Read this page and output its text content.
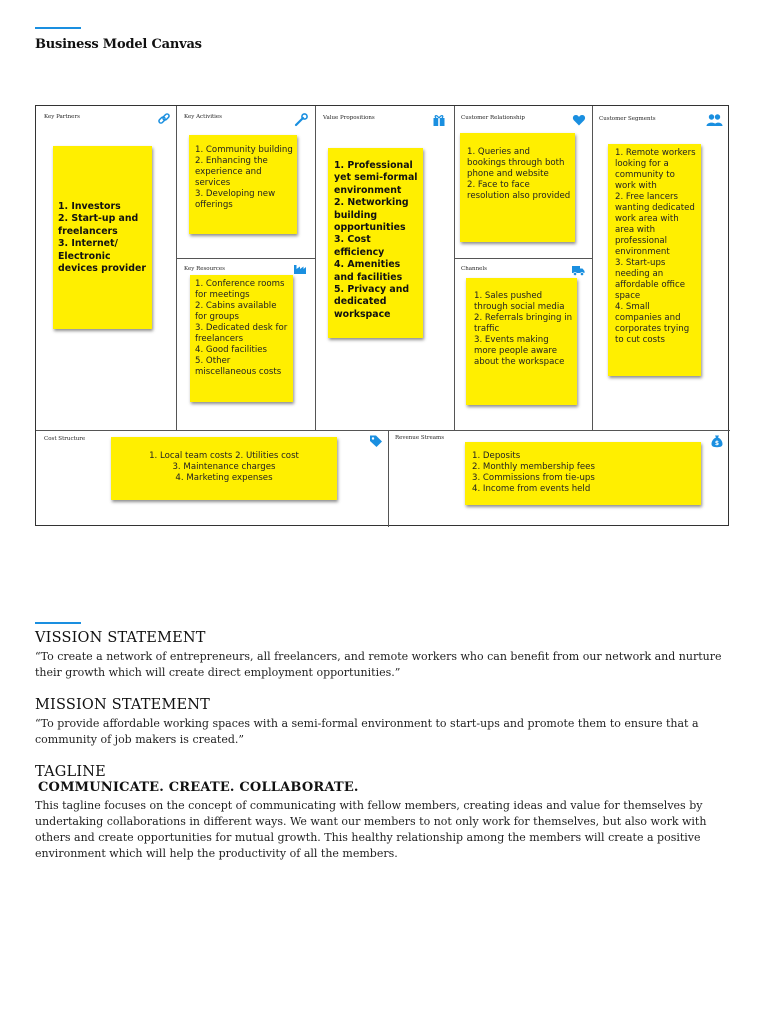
Business Model Canvas
Key Partners
1. Investors
2. Start-up and freelancers
3. Internet/ Electronic devices provider
Key Activities
1. Community building
2. Enhancing the experience and services
3. Developing new offerings
Key Resources
1. Conference rooms for meetings
2. Cabins available for groups
3. Dedicated desk for freelancers
4. Good facilities
5. Other miscellaneous costs
Value Propositions
1. Professional yet semi-formal environment
2. Networking building opportunities
3. Cost efficiency
4. Amenities and facilities
5. Privacy and dedicated workspace
Customer Relationship
1. Queries and bookings through both phone and website
2. Face to face resolution also provided
Channels
1. Sales pushed through social media
2. Referrals bringing in traffic
3. Events making more people aware about the workspace
Customer Segments
1. Remote workers looking for a community to work with
2. Free lancers wanting dedicated work area with area with professional environment
3. Start-ups needing an affordable office space
4. Small companies and corporates trying to cut costs
Cost Structure
1. Local team costs 2. Utilities cost
3. Maintenance charges
4. Marketing expenses
Revenue Streams
$
1. Deposits
2. Monthly membership fees
3. Commissions from tie-ups
4. Income from events held
VISSION STATEMENT
“To create a network of entrepreneurs, all freelancers, and remote workers who can benefit from our network and nurture their growth which will create direct employment opportunities.”
MISSION STATEMENT
“To provide affordable working spaces with a semi-formal environment to start-ups and promote them to ensure that a community of job makers is created.”
TAGLINE
COMMUNICATE. CREATE. COLLABORATE.
This tagline focuses on the concept of communicating with fellow members, creating ideas and value for themselves by undertaking collaborations in different ways. We want our members to not only work for themselves, but also work with others and create opportunities for mutual growth. This healthy relationship among the members will create a positive environment which will help the productivity of all the members.
